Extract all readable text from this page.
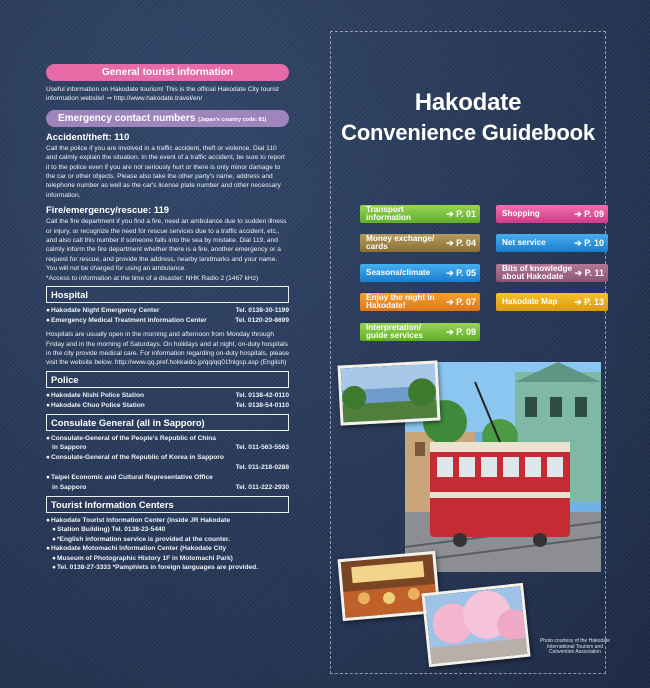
General tourist information

Useful information on Hakodate tourism! This is the official Hakodate City tourist information website! ⇒ http://www.hakodate.travel/en/

Emergency contact numbers (Japan's country code: 81)
Accident/theft: 110

Call the police if you are involved in a traffic accident, theft or violence. Dial 110 and calmly explain the situation. In the event of a traffic accident, be sure to report it to the police even if you are not seriously hurt or there is only minor damage to the car or other objects. Please also take the other party's name, address and telephone number as well as the car's license plate number and other necessary information.

Fire/emergency/rescue: 119

Call the fire department if you find a fire, need an ambulance due to sudden illness or injury, or recognize the need for rescue services due to a traffic accident, etc., and also call this number if someone falls into the sea by mistake. Dial 119, and calmly inform the fire department whether there is a fire, another emergency or a request for rescue, and provide the address, nearby landmarks and your name. You will not be charged for using an ambulance.

*Access to information at the time of a disaster: NHK Radio 2 (1467 kHz)

Hospital
● Hakodate Night Emergency Center	Tel. 0138-30-1199
● Emergency Medical Treatment Information Center	Tel. 0120-20-8699

Hospitals are usually open in the morning and afternoon from Monday through Friday and in the morning of Saturdays. On holidays and at night, on-duty hospitals in the city provide medical care. For information regarding on-duty hospitals, please visit the website below. http://www.qq.pref.hokkaido.jp/qq/qq01fnlgsp.asp (English)

Police
● Hakodate Nishi Police Station	Tel. 0138-42-0110
● Hakodate Chuo Police Station	Tel. 0138-54-0110
Consulate General (all in Sapporo)
● Consulate-General of the People's Republic of China
in Sapporo	Tel. 011-563-5563
● Consulate-General of the Republic of Korea in Sapporo
Tel. 011-218-0288
● Taipei Economic and Cultural Representative Office
in Sapporo	Tel. 011-222-2930
Tourist Information Centers
● Hakodate Tourist Information Center (inside JR Hakodate
● Station Building) Tel. 0138-23-5440
● *English information service is provided at the counter.
● Hakodate Motomachi Information Center (Hakodate City
● Museum of Photographic History 1F in Motomachi Park)
● Tel. 0138-27-3333 *Pamphlets in foreign languages are provided.
Hakodate
Convenience Guidebook
Transport information	➔ P. 01
Money exchange/ cards	➔ P. 04
Seasons/climate	➔ P. 05
Enjoy the night in Hakodate!	➔ P. 07
Interpretation/ guide services	➔ P. 09
Shopping	➔ P. 09
Net service	➔ P. 10
Bits of knowledge about Hakodate	➔ P. 11
Hakodate Map	➔ P. 13
Photo courtesy of the Hakodate International Tourism and Convention Association
